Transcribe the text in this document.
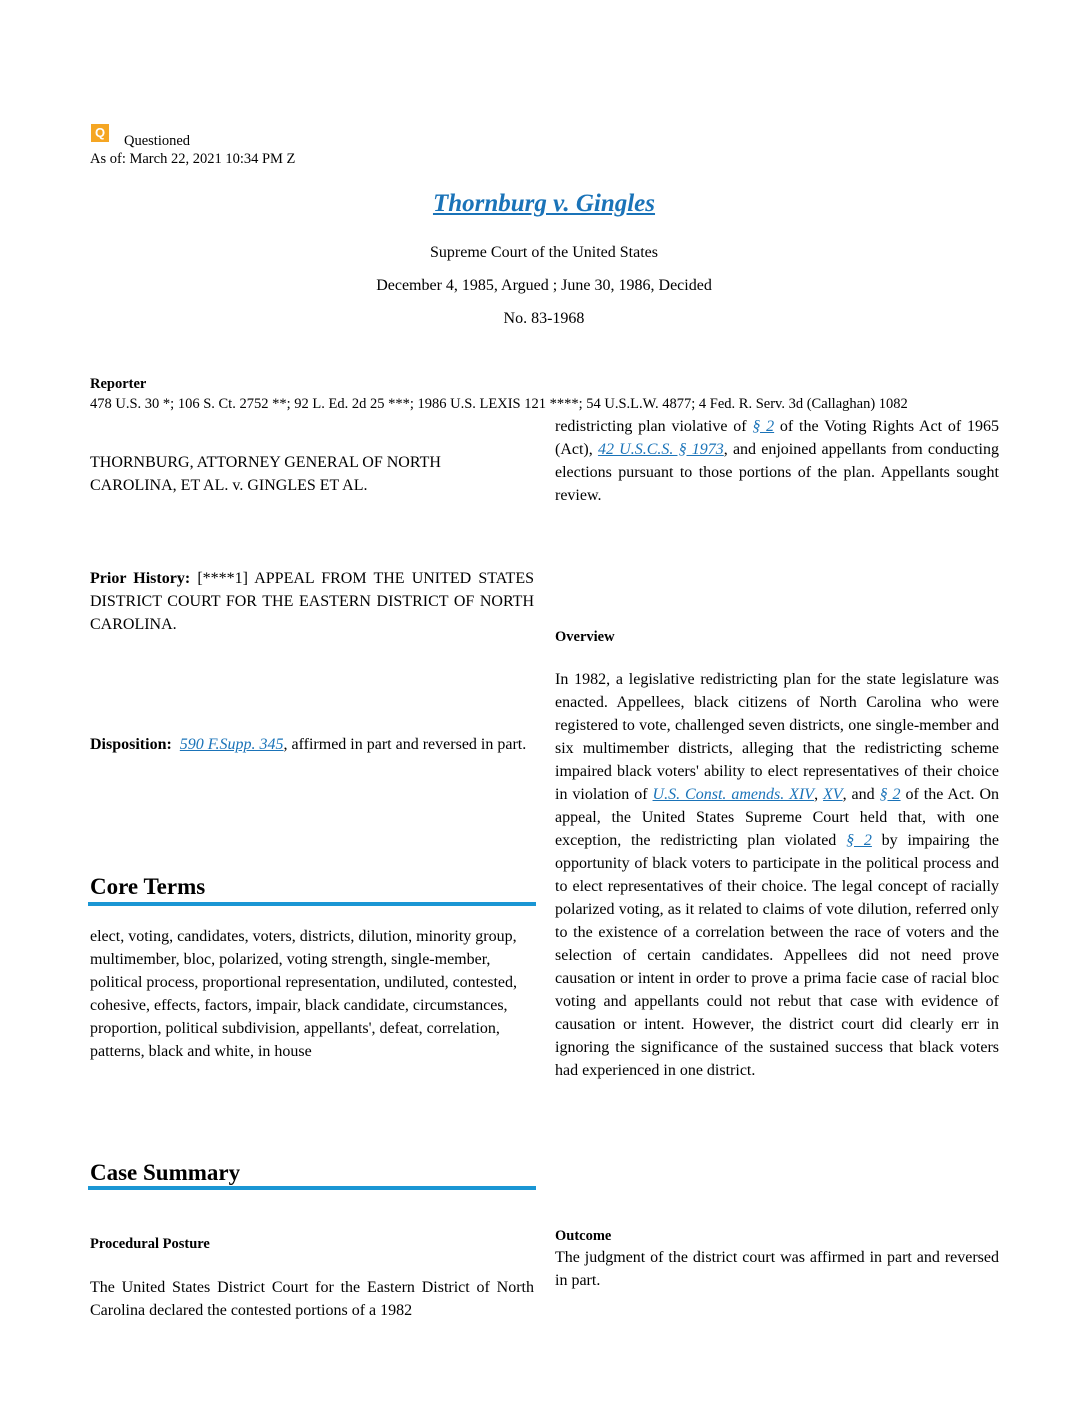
Q
Questioned
As of: March 22, 2021 10:34 PM Z
Thornburg v. Gingles
Supreme Court of the United States
December 4, 1985, Argued ; June 30, 1986, Decided
No. 83-1968
Reporter
478 U.S. 30 *; 106 S. Ct. 2752 **; 92 L. Ed. 2d 25 ***; 1986 U.S. LEXIS 121 ****; 54 U.S.L.W. 4877; 4 Fed. R. Serv. 3d (Callaghan) 1082
THORNBURG, ATTORNEY GENERAL OF NORTH CAROLINA, ET AL. v. GINGLES ET AL.
Prior History: [****1] APPEAL FROM THE UNITED STATES DISTRICT COURT FOR THE EASTERN DISTRICT OF NORTH CAROLINA.
Disposition: 590 F.Supp. 345, affirmed in part and reversed in part.
Core Terms
elect, voting, candidates, voters, districts, dilution, minority group, multimember, bloc, polarized, voting strength, single-member, political process, proportional representation, undiluted, contested, cohesive, effects, factors, impair, black candidate, circumstances, proportion, political subdivision, appellants', defeat, correlation, patterns, black and white, in house
Case Summary
Procedural Posture
The United States District Court for the Eastern District of North Carolina declared the contested portions of a 1982
redistricting plan violative of § 2 of the Voting Rights Act of 1965 (Act), 42 U.S.C.S. § 1973, and enjoined appellants from conducting elections pursuant to those portions of the plan. Appellants sought review.
Overview
In 1982, a legislative redistricting plan for the state legislature was enacted. Appellees, black citizens of North Carolina who were registered to vote, challenged seven districts, one single-member and six multimember districts, alleging that the redistricting scheme impaired black voters' ability to elect representatives of their choice in violation of U.S. Const. amends. XIV, XV, and § 2 of the Act. On appeal, the United States Supreme Court held that, with one exception, the redistricting plan violated § 2 by impairing the opportunity of black voters to participate in the political process and to elect representatives of their choice. The legal concept of racially polarized voting, as it related to claims of vote dilution, referred only to the existence of a correlation between the race of voters and the selection of certain candidates. Appellees did not need prove causation or intent in order to prove a prima facie case of racial bloc voting and appellants could not rebut that case with evidence of causation or intent. However, the district court did clearly err in ignoring the significance of the sustained success that black voters had experienced in one district.
Outcome
The judgment of the district court was affirmed in part and reversed in part.
